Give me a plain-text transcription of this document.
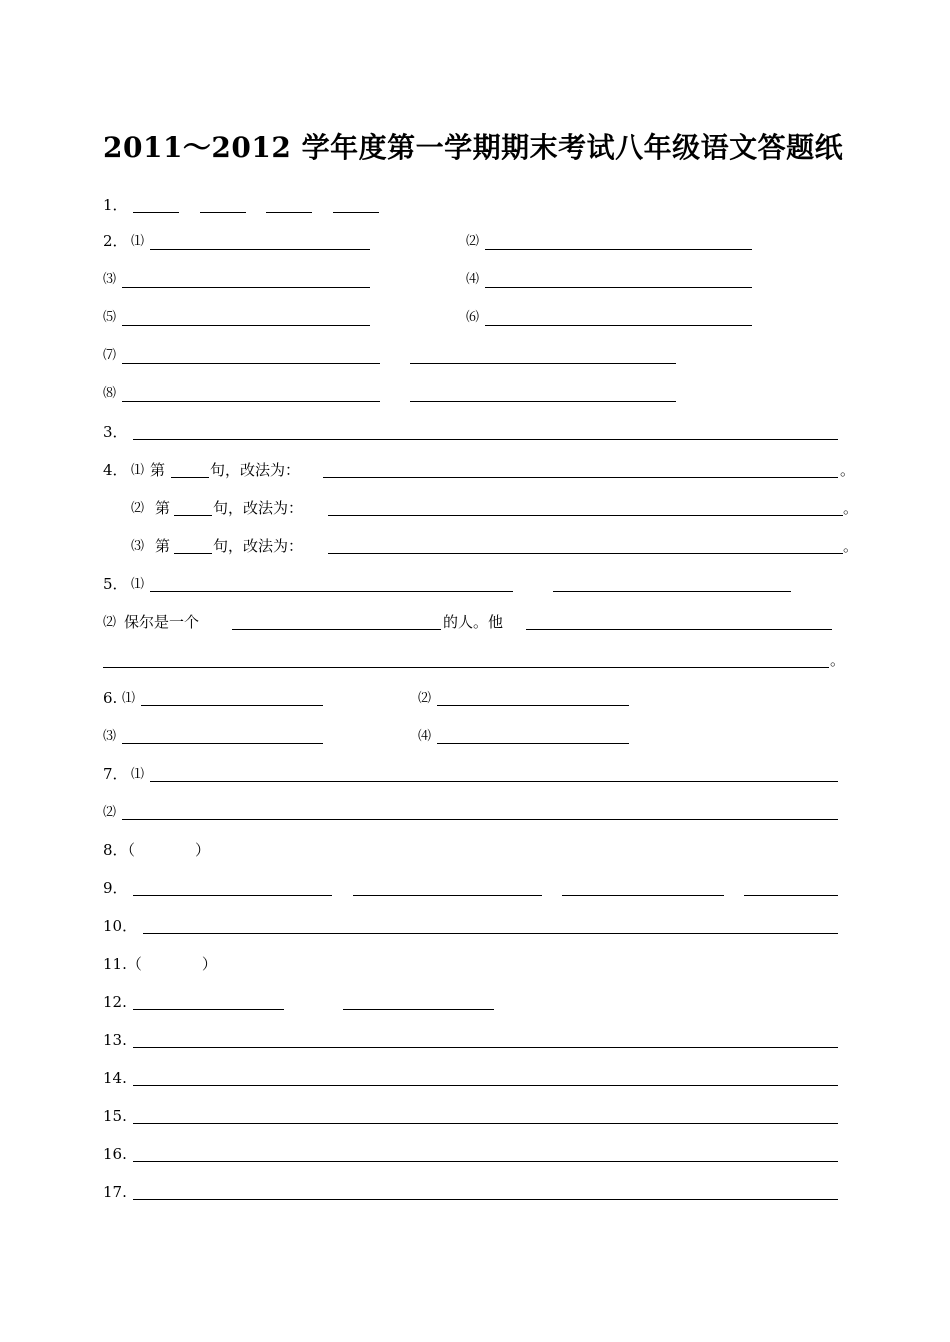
2011～2012 学年度第一学期期末考试八年级语文答题纸
1．
2． ⑴	⑵
⑶	⑷
⑸	⑹
⑺
⑻
3．
4． ⑴ 第	句，改法为：	。
⑵ 第	句，改法为：	。
⑶ 第	句，改法为：	。
5． ⑴
⑵ 保尔是一个	的人。他
。
6. ⑴	⑵
⑶	⑷
7． ⑴
⑵
8．（　　　　）
9．
10．
11.（　　　　）
12.
13.
14.
15.
16.
17.
